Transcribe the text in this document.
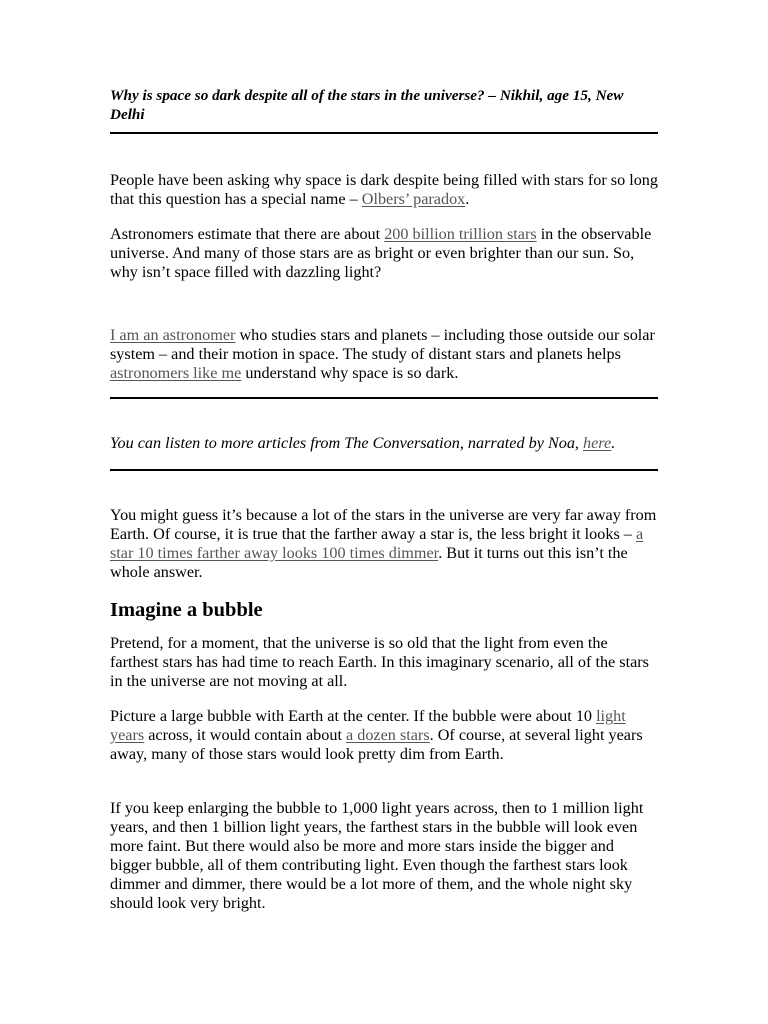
Why is space so dark despite all of the stars in the universe? – Nikhil, age 15, New Delhi

People have been asking why space is dark despite being filled with stars for so long that this question has a special name – Olbers’ paradox.

Astronomers estimate that there are about 200 billion trillion stars in the observable universe. And many of those stars are as bright or even brighter than our sun. So, why isn’t space filled with dazzling light?

I am an astronomer who studies stars and planets – including those outside our solar system – and their motion in space. The study of distant stars and planets helps astronomers like me understand why space is so dark.

You can listen to more articles from The Conversation, narrated by Noa, here.

You might guess it’s because a lot of the stars in the universe are very far away from Earth. Of course, it is true that the farther away a star is, the less bright it looks – a star 10 times farther away looks 100 times dimmer. But it turns out this isn’t the whole answer.

Imagine a bubble

Pretend, for a moment, that the universe is so old that the light from even the farthest stars has had time to reach Earth. In this imaginary scenario, all of the stars in the universe are not moving at all.

Picture a large bubble with Earth at the center. If the bubble were about 10 light years across, it would contain about a dozen stars. Of course, at several light years away, many of those stars would look pretty dim from Earth.

If you keep enlarging the bubble to 1,000 light years across, then to 1 million light years, and then 1 billion light years, the farthest stars in the bubble will look even more faint. But there would also be more and more stars inside the bigger and bigger bubble, all of them contributing light. Even though the farthest stars look dimmer and dimmer, there would be a lot more of them, and the whole night sky should look very bright.
